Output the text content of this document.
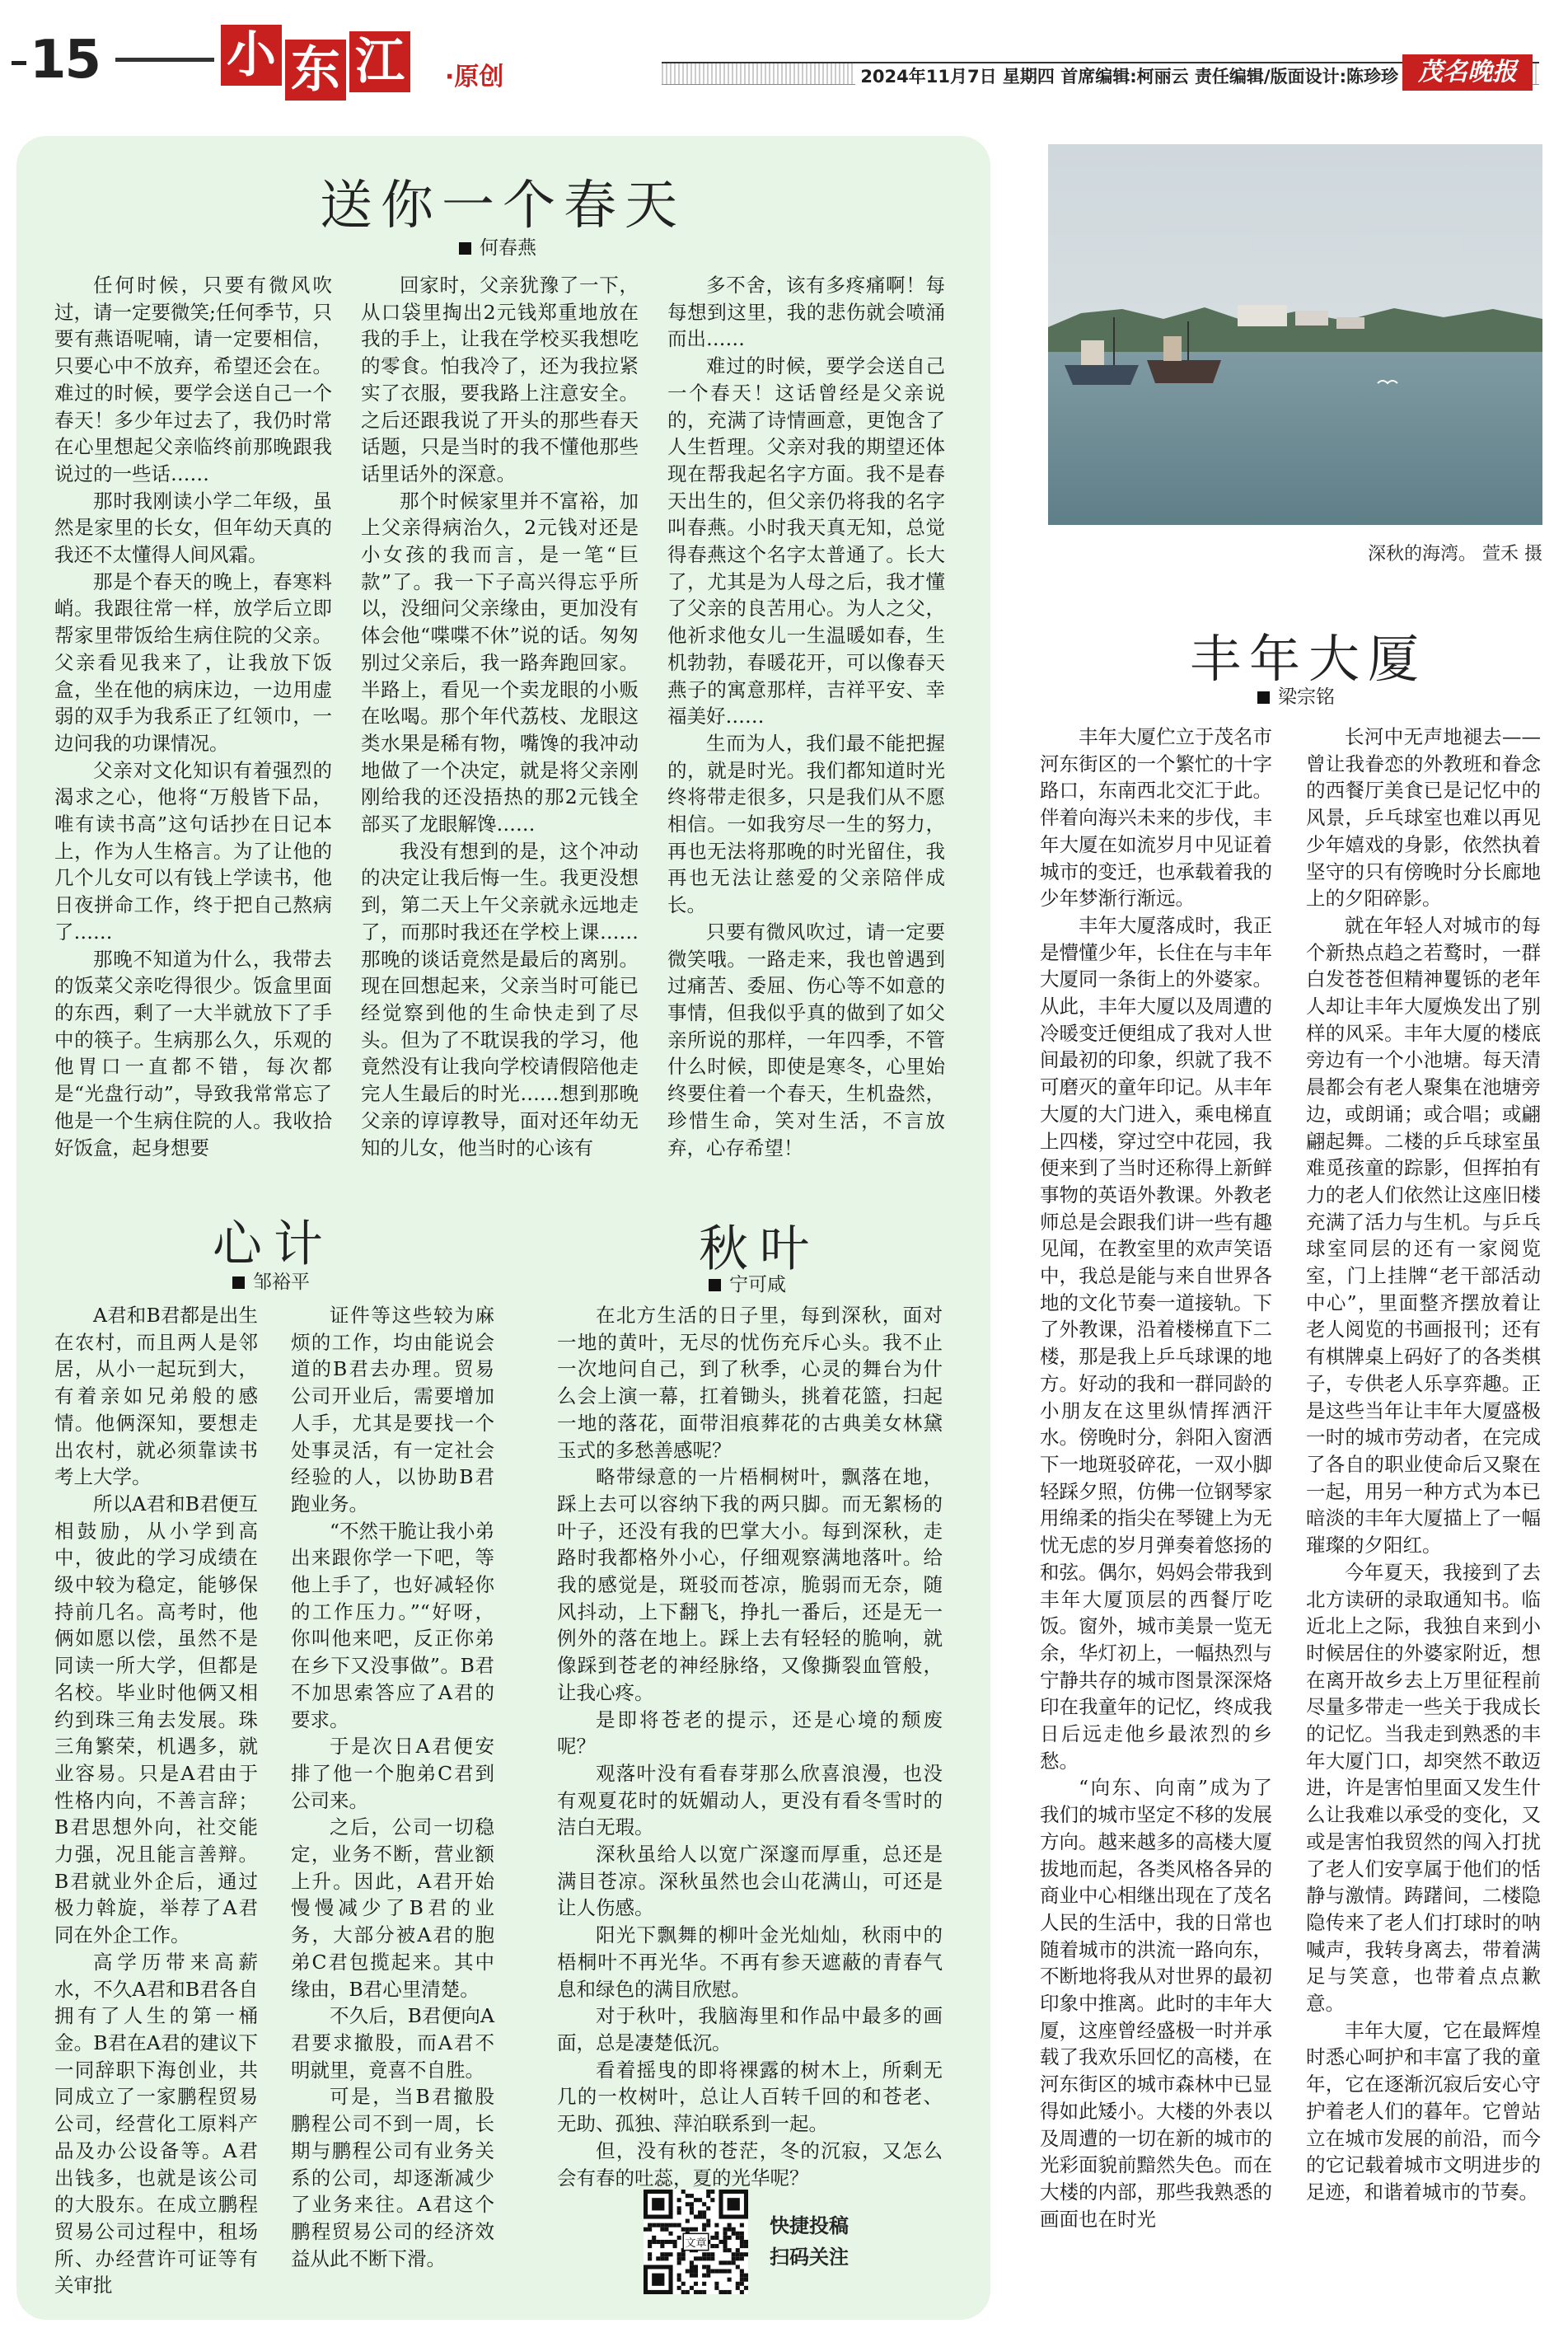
15	小 东 江 ·原创	2024年11月7日 星期四 首席编辑:柯丽云 责任编辑/版面设计:陈珍珍 茂名晚报
送你一个春天
何春燕

任何时候，只要有微风吹过，请一定要微笑;任何季节，只要有燕语呢喃，请一定要相信，只要心中不放弃，希望还会在。难过的时候，要学会送自己一个春天！多少年过去了，我仍时常在心里想起父亲临终前那晚跟我说过的一些话……

那时我刚读小学二年级，虽然是家里的长女，但年幼天真的我还不太懂得人间风霜。

那是个春天的晚上，春寒料峭。我跟往常一样，放学后立即帮家里带饭给生病住院的父亲。父亲看见我来了，让我放下饭盒，坐在他的病床边，一边用虚弱的双手为我系正了红领巾，一边问我的功课情况。

父亲对文化知识有着强烈的渴求之心，他将“万般皆下品，唯有读书高”这句话抄在日记本上，作为人生格言。为了让他的几个儿女可以有钱上学读书，他日夜拼命工作，终于把自己熬病了……

那晚不知道为什么，我带去的饭菜父亲吃得很少。饭盒里面的东西，剩了一大半就放下了手中的筷子。生病那么久，乐观的他胃口一直都不错，每次都是“光盘行动”，导致我常常忘了他是一个生病住院的人。我收拾好饭盒，起身想要

回家时，父亲犹豫了一下，从口袋里掏出2元钱郑重地放在我的手上，让我在学校买我想吃的零食。怕我冷了，还为我拉紧实了衣服，要我路上注意安全。之后还跟我说了开头的那些春天话题，只是当时的我不懂他那些话里话外的深意。

那个时候家里并不富裕，加上父亲得病治久，2元钱对还是小女孩的我而言，是一笔“巨款”了。我一下子高兴得忘乎所以，没细问父亲缘由，更加没有体会他“喋喋不休”说的话。匆匆别过父亲后，我一路奔跑回家。半路上，看见一个卖龙眼的小贩在吆喝。那个年代荔枝、龙眼这类水果是稀有物，嘴馋的我冲动地做了一个决定，就是将父亲刚刚给我的还没捂热的那2元钱全部买了龙眼解馋……

我没有想到的是，这个冲动的决定让我后悔一生。我更没想到，第二天上午父亲就永远地走了，而那时我还在学校上课……那晚的谈话竟然是最后的离别。现在回想起来，父亲当时可能已经觉察到他的生命快走到了尽头。但为了不耽误我的学习，他竟然没有让我向学校请假陪他走完人生最后的时光……想到那晚父亲的谆谆教导，面对还年幼无知的儿女，他当时的心该有

多不舍，该有多疼痛啊！每每想到这里，我的悲伤就会喷涌而出……

难过的时候，要学会送自己一个春天！这话曾经是父亲说的，充满了诗情画意，更饱含了人生哲理。父亲对我的期望还体现在帮我起名字方面。我不是春天出生的，但父亲仍将我的名字叫春燕。小时我天真无知，总觉得春燕这个名字太普通了。长大了，尤其是为人母之后，我才懂了父亲的良苦用心。为人之父，他祈求他女儿一生温暖如春，生机勃勃，春暖花开，可以像春天燕子的寓意那样，吉祥平安、幸福美好……

生而为人，我们最不能把握的，就是时光。我们都知道时光终将带走很多，只是我们从不愿相信。一如我穷尽一生的努力，再也无法将那晚的时光留住，我再也无法让慈爱的父亲陪伴成长。

只要有微风吹过，请一定要微笑哦。一路走来，我也曾遇到过痛苦、委屈、伤心等不如意的事情，但我似乎真的做到了如父亲所说的那样，一年四季，不管什么时候，即使是寒冬，心里始终要住着一个春天，生机盎然，珍惜生命，笑对生活，不言放弃，心存希望！

心计
邹裕平

A君和B君都是出生在农村，而且两人是邻居，从小一起玩到大，有着亲如兄弟般的感情。他俩深知，要想走出农村，就必须靠读书考上大学。

所以A君和B君便互相鼓励，从小学到高中，彼此的学习成绩在级中较为稳定，能够保持前几名。高考时，他俩如愿以偿，虽然不是同读一所大学，但都是名校。毕业时他俩又相约到珠三角去发展。珠三角繁荣，机遇多，就业容易。只是A君由于性格内向，不善言辞；B君思想外向，社交能力强，况且能言善辩。B君就业外企后，通过极力斡旋，举荐了A君同在外企工作。

高学历带来高薪水，不久A君和B君各自拥有了人生的第一桶金。B君在A君的建议下一同辞职下海创业，共同成立了一家鹏程贸易公司，经营化工原料产品及办公设备等。A君出钱多，也就是该公司的大股东。在成立鹏程贸易公司过程中，租场所、办经营许可证等有关审批

证件等这些较为麻烦的工作，均由能说会道的B君去办理。贸易公司开业后，需要增加人手，尤其是要找一个处事灵活，有一定社会经验的人，以协助B君跑业务。

“不然干脆让我小弟出来跟你学一下吧，等他上手了，也好减轻你的工作压力。”“好呀，你叫他来吧，反正你弟在乡下又没事做”。B君不加思索答应了A君的要求。

于是次日A君便安排了他一个胞弟C君到公司来。

之后，公司一切稳定，业务不断，营业额上升。因此，A君开始慢慢减少了B君的业务，大部分被A君的胞弟C君包揽起来。其中缘由，B君心里清楚。

不久后，B君便向A君要求撤股，而A君不明就里，竟喜不自胜。

可是，当B君撤股鹏程公司不到一周，长期与鹏程公司有业务关系的公司，却逐渐减少了业务来往。A君这个鹏程贸易公司的经济效益从此不断下滑。

秋叶
宁可咸

在北方生活的日子里，每到深秋，面对一地的黄叶，无尽的忧伤充斥心头。我不止一次地问自己，到了秋季，心灵的舞台为什么会上演一幕，扛着锄头，挑着花篮，扫起一地的落花，面带泪痕葬花的古典美女林黛玉式的多愁善感呢？

略带绿意的一片梧桐树叶，飘落在地，踩上去可以容纳下我的两只脚。而无絮杨的叶子，还没有我的巴掌大小。每到深秋，走路时我都格外小心，仔细观察满地落叶。给我的感觉是，斑驳而苍凉，脆弱而无奈，随风抖动，上下翻飞，挣扎一番后，还是无一例外的落在地上。踩上去有轻轻的脆响，就像踩到苍老的神经脉络，又像撕裂血管般，让我心疼。

是即将苍老的提示，还是心境的颓废呢？

观落叶没有看春芽那么欣喜浪漫，也没有观夏花时的妩媚动人，更没有看冬雪时的洁白无瑕。

深秋虽给人以宽广深邃而厚重，总还是满目苍凉。深秋虽然也会山花满山，可还是让人伤感。

阳光下飘舞的柳叶金光灿灿，秋雨中的梧桐叶不再光华。不再有参天遮蔽的青春气息和绿色的满目欣慰。

对于秋叶，我脑海里和作品中最多的画面，总是凄楚低沉。

看着摇曳的即将裸露的树木上，所剩无几的一枚树叶，总让人百转千回的和苍老、无助、孤独、萍泊联系到一起。

但，没有秋的苍茫，冬的沉寂，又怎么会有春的吐蕊，夏的光华呢？

文章
快捷投稿
扫码关注
深秋的海湾。 萱禾 摄
丰年大厦
梁宗铭

丰年大厦伫立于茂名市河东街区的一个繁忙的十字路口，东南西北交汇于此。伴着向海兴未来的步伐，丰年大厦在如流岁月中见证着城市的变迁，也承载着我的少年梦渐行渐远。

丰年大厦落成时，我正是懵懂少年，长住在与丰年大厦同一条街上的外婆家。从此，丰年大厦以及周遭的冷暖变迁便组成了我对人世间最初的印象，织就了我不可磨灭的童年印记。从丰年大厦的大门进入，乘电梯直上四楼，穿过空中花园，我便来到了当时还称得上新鲜事物的英语外教课。外教老师总是会跟我们讲一些有趣见闻，在教室里的欢声笑语中，我总是能与来自世界各地的文化节奏一道接轨。下了外教课，沿着楼梯直下二楼，那是我上乒乓球课的地方。好动的我和一群同龄的小朋友在这里纵情挥洒汗水。傍晚时分，斜阳入窗洒下一地斑驳碎花，一双小脚轻踩夕照，仿佛一位钢琴家用绵柔的指尖在琴键上为无忧无虑的岁月弹奏着悠扬的和弦。偶尔，妈妈会带我到丰年大厦顶层的西餐厅吃饭。窗外，城市美景一览无余，华灯初上，一幅热烈与宁静共存的城市图景深深烙印在我童年的记忆，终成我日后远走他乡最浓烈的乡愁。

“向东、向南”成为了我们的城市坚定不移的发展方向。越来越多的高楼大厦拔地而起，各类风格各异的商业中心相继出现在了茂名人民的生活中，我的日常也随着城市的洪流一路向东，不断地将我从对世界的最初印象中推离。此时的丰年大厦，这座曾经盛极一时并承载了我欢乐回忆的高楼，在河东街区的城市森林中已显得如此矮小。大楼的外表以及周遭的一切在新的城市的光彩面貌前黯然失色。而在大楼的内部，那些我熟悉的画面也在时光

长河中无声地褪去——曾让我眷恋的外教班和眷念的西餐厅美食已是记忆中的风景，乒乓球室也难以再见少年嬉戏的身影，依然执着坚守的只有傍晚时分长廊地上的夕阳碎影。

就在年轻人对城市的每个新热点趋之若鹜时，一群白发苍苍但精神矍铄的老年人却让丰年大厦焕发出了别样的风采。丰年大厦的楼底旁边有一个小池塘。每天清晨都会有老人聚集在池塘旁边，或朗诵；或合唱；或翩翩起舞。二楼的乒乓球室虽难觅孩童的踪影，但挥拍有力的老人们依然让这座旧楼充满了活力与生机。与乒乓球室同层的还有一家阅览室，门上挂牌“老干部活动中心”，里面整齐摆放着让老人阅览的书画报刊；还有有棋牌桌上码好了的各类棋子，专供老人乐享弈趣。正是这些当年让丰年大厦盛极一时的城市劳动者，在完成了各自的职业使命后又聚在一起，用另一种方式为本已暗淡的丰年大厦描上了一幅璀璨的夕阳红。

今年夏天，我接到了去北方读研的录取通知书。临近北上之际，我独自来到小时候居住的外婆家附近，想在离开故乡去上万里征程前尽量多带走一些关于我成长的记忆。当我走到熟悉的丰年大厦门口，却突然不敢迈进，许是害怕里面又发生什么让我难以承受的变化，又或是害怕我贸然的闯入打扰了老人们安享属于他们的恬静与激情。踌躇间，二楼隐隐传来了老人们打球时的呐喊声，我转身离去，带着满足与笑意，也带着点点歉意。

丰年大厦，它在最辉煌时悉心呵护和丰富了我的童年，它在逐渐沉寂后安心守护着老人们的暮年。它曾站立在城市发展的前沿，而今的它记载着城市文明进步的足迹，和谐着城市的节奏。
